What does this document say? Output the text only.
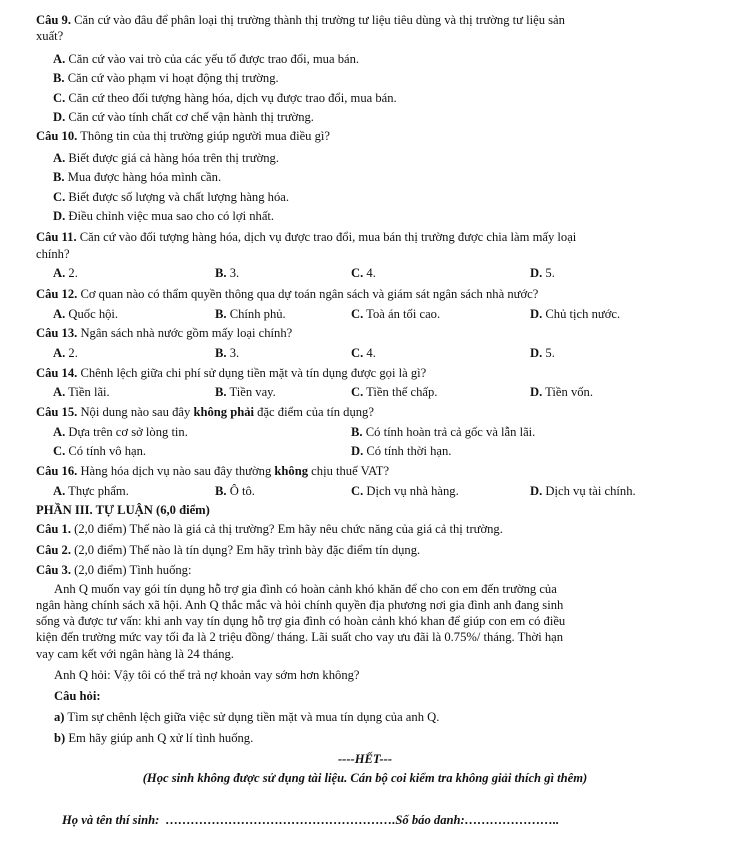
Câu 9. Căn cứ vào đâu để phân loại thị trường thành thị trường tư liệu tiêu dùng và thị trường tư liệu sản
xuất?
A. Căn cứ vào vai trò của các yếu tố được trao đổi, mua bán.
B. Căn cứ vào phạm vi hoạt động thị trường.
C. Căn cứ theo đối tượng hàng hóa, dịch vụ được trao đổi, mua bán.
D. Căn cứ vào tính chất cơ chế vận hành thị trường.
Câu 10. Thông tin của thị trường giúp người mua điều gì?
A. Biết được giá cả hàng hóa trên thị trường.
B. Mua được hàng hóa mình cần.
C. Biết được số lượng và chất lượng hàng hóa.
D. Điều chỉnh việc mua sao cho có lợi nhất.
Câu 11. Căn cứ vào đối tượng hàng hóa, dịch vụ được trao đổi, mua bán thị trường được chia làm mấy loại
chính?
A. 2.	B. 3.	C. 4.	D. 5.
Câu 12. Cơ quan nào có thẩm quyền thông qua dự toán ngân sách và giám sát ngân sách nhà nước?
A. Quốc hội.	B. Chính phủ.	C. Toà án tối cao.	D. Chủ tịch nước.
Câu 13. Ngân sách nhà nước gồm mấy loại chính?
A. 2.	B. 3.	C. 4.	D. 5.
Câu 14. Chênh lệch giữa chi phí sử dụng tiền mặt và tín dụng được gọi là gì?
A. Tiền lãi.	B. Tiền vay.	C. Tiền thế chấp.	D. Tiền vốn.
Câu 15. Nội dung nào sau đây không phải đặc điểm của tín dụng?
A. Dựa trên cơ sở lòng tin.	B. Có tính hoàn trả cả gốc và lẫn lãi.
C. Có tính vô hạn.	D. Có tính thời hạn.
Câu 16. Hàng hóa dịch vụ nào sau đây thường không chịu thuế VAT?
A. Thực phẩm.	B. Ô tô.	C. Dịch vụ nhà hàng.	D. Dịch vụ tài chính.
PHẦN III. TỰ LUẬN (6,0 điểm)
Câu 1. (2,0 điểm) Thế nào là giá cả thị trường? Em hãy nêu chức năng của giá cả thị trường.
Câu 2. (2,0 điểm) Thế nào là tín dụng? Em hãy trình bày đặc điểm tín dụng.
Câu 3. (2,0 điểm) Tình huống:
Anh Q muốn vay gói tín dụng hỗ trợ gia đình có hoàn cảnh khó khăn để cho con em đến trường của
ngân hàng chính sách xã hội. Anh Q thắc mắc và hỏi chính quyền địa phương nơi gia đình anh đang sinh
sống và được tư vấn: khi anh vay tín dụng hỗ trợ gia đình có hoàn cảnh khó khan để giúp con em có điều
kiện đến trường mức vay tối đa là 2 triệu đồng/ tháng. Lãi suất cho vay ưu đãi là 0.75%/ tháng. Thời hạn
vay cam kết với ngân hàng là 24 tháng.
Anh Q hỏi: Vậy tôi có thể trả nợ khoản vay sớm hơn không?
Câu hỏi:
a) Tìm sự chênh lệch giữa việc sử dụng tiền mặt và mua tín dụng của anh Q.
b) Em hãy giúp anh Q xử lí tình huống.
----HẾT---
(Học sinh không được sử dụng tài liệu. Cán bộ coi kiểm tra không giải thích gì thêm)
Họ và tên thí sinh: ……………………………………………….Số báo danh:…………………..
